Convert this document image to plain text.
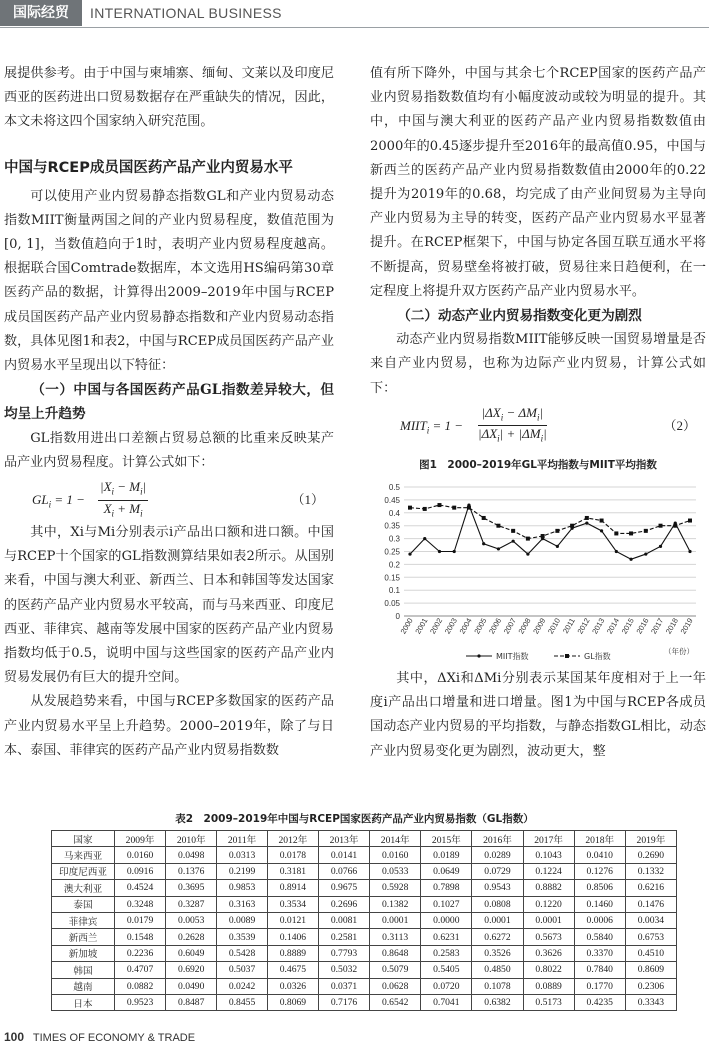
国际经贸	INTERNATIONAL BUSINESS

展提供参考。由于中国与柬埔寨、缅甸、文莱以及印度尼西亚的医药进出口贸易数据存在严重缺失的情况，因此，本文未将这四个国家纳入研究范围。

中国与RCEP成员国医药产品产业内贸易水平

可以使用产业内贸易静态指数GL和产业内贸易动态指数MIIT衡量两国之间的产业内贸易程度，数值范围为[0, 1]，当数值趋向于1时，表明产业内贸易程度越高。根据联合国Comtrade数据库，本文选用HS编码第30章医药产品的数据，计算得出2009–2019年中国与RCEP成员国医药产品产业内贸易静态指数和产业内贸易动态指数，具体见图1和表2，中国与RCEP成员国医药产品产业内贸易水平呈现出以下特征：

（一）中国与各国医药产品GL指数差异较大，但均呈上升趋势

GL指数用进出口差额占贸易总额的比重来反映某产品产业内贸易程度。计算公式如下：

$GL_i = 1 - \frac{|X_i - M_i|}{X_i + M_i}$	（1）

其中，Xi与Mi分别表示i产品出口额和进口额。中国与RCEP十个国家的GL指数测算结果如表2所示。从国别来看，中国与澳大利亚、新西兰、日本和韩国等发达国家的医药产品产业内贸易水平较高，而与马来西亚、印度尼西亚、菲律宾、越南等发展中国家的医药产品产业内贸易指数均低于0.5，说明中国与这些国家的医药产品产业内贸易发展仍有巨大的提升空间。

从发展趋势来看，中国与RCEP多数国家的医药产品产业内贸易水平呈上升趋势。2000–2019年，除了与日本、泰国、菲律宾的医药产品产业内贸易指数数

值有所下降外，中国与其余七个RCEP国家的医药产品产业内贸易指数数值均有小幅度波动或较为明显的提升。其中，中国与澳大利亚的医药产品产业内贸易指数数值由2000年的0.45逐步提升至2016年的最高值0.95，中国与新西兰的医药产品产业内贸易指数数值由2000年的0.22提升为2019年的0.68，均完成了由产业间贸易为主导向产业内贸易为主导的转变，医药产品产业内贸易水平显著提升。在RCEP框架下，中国与协定各国互联互通水平将不断提高，贸易壁垒将被打破，贸易往来日趋便利，在一定程度上将提升双方医药产品产业内贸易水平。

（二）动态产业内贸易指数变化更为剧烈

动态产业内贸易指数MIIT能够反映一国贸易增量是否来自产业内贸易，也称为边际产业内贸易，计算公式如下：

$MIIT_i = 1$ −
$|\Delta X_i - \Delta M_i|$
$|\Delta X_i| + |\Delta M_i|$
（2）
图1　2000–2019年GL平均指数与MIIT平均指数
0
0.05
0.1
0.15
0.2
0.25
0.3
0.35
0.4
0.45
0.5
2000
2001
2002
2003
2004
2005
2006
2007
2008
2009
2010
2011
2012
2013
2014
2015
2016
2017
2018
2019
（年份）
MIIT指数	GL指数

其中，ΔXi和ΔMi分别表示某国某年度相对于上一年度i产品出口增量和进口增量。图1为中国与RCEP各成员国动态产业内贸易的平均指数，与静态指数GL相比，动态产业内贸易变化更为剧烈，波动更大，整

表2　2009–2019年中国与RCEP国家医药产品产业内贸易指数（GL指数）
国家	2009年	2010年	2011年	2012年	2013年	2014年	2015年	2016年	2017年	2018年	2019年
马来西亚	0.0160	0.0498	0.0313	0.0178	0.0141	0.0160	0.0189	0.0289	0.1043	0.0410	0.2690
印度尼西亚	0.0916	0.1376	0.2199	0.3181	0.0766	0.0533	0.0649	0.0729	0.1224	0.1276	0.1332
澳大利亚	0.4524	0.3695	0.9853	0.8914	0.9675	0.5928	0.7898	0.9543	0.8882	0.8506	0.6216
泰国	0.3248	0.3287	0.3163	0.3534	0.2696	0.1382	0.1027	0.0808	0.1220	0.1460	0.1476
菲律宾	0.0179	0.0053	0.0089	0.0121	0.0081	0.0001	0.0000	0.0001	0.0001	0.0006	0.0034
新西兰	0.1548	0.2628	0.3539	0.1406	0.2581	0.3113	0.6231	0.6272	0.5673	0.5840	0.6753
新加坡	0.2236	0.6049	0.5428	0.8889	0.7793	0.8648	0.2583	0.3526	0.3626	0.3370	0.4510
韩国	0.4707	0.6920	0.5037	0.4675	0.5032	0.5079	0.5405	0.4850	0.8022	0.7840	0.8609
越南	0.0882	0.0490	0.0242	0.0326	0.0371	0.0628	0.0720	0.1078	0.0889	0.1770	0.2306
日本	0.9523	0.8487	0.8455	0.8069	0.7176	0.6542	0.7041	0.6382	0.5173	0.4235	0.3343
100 TIMES OF ECONOMY & TRADE
